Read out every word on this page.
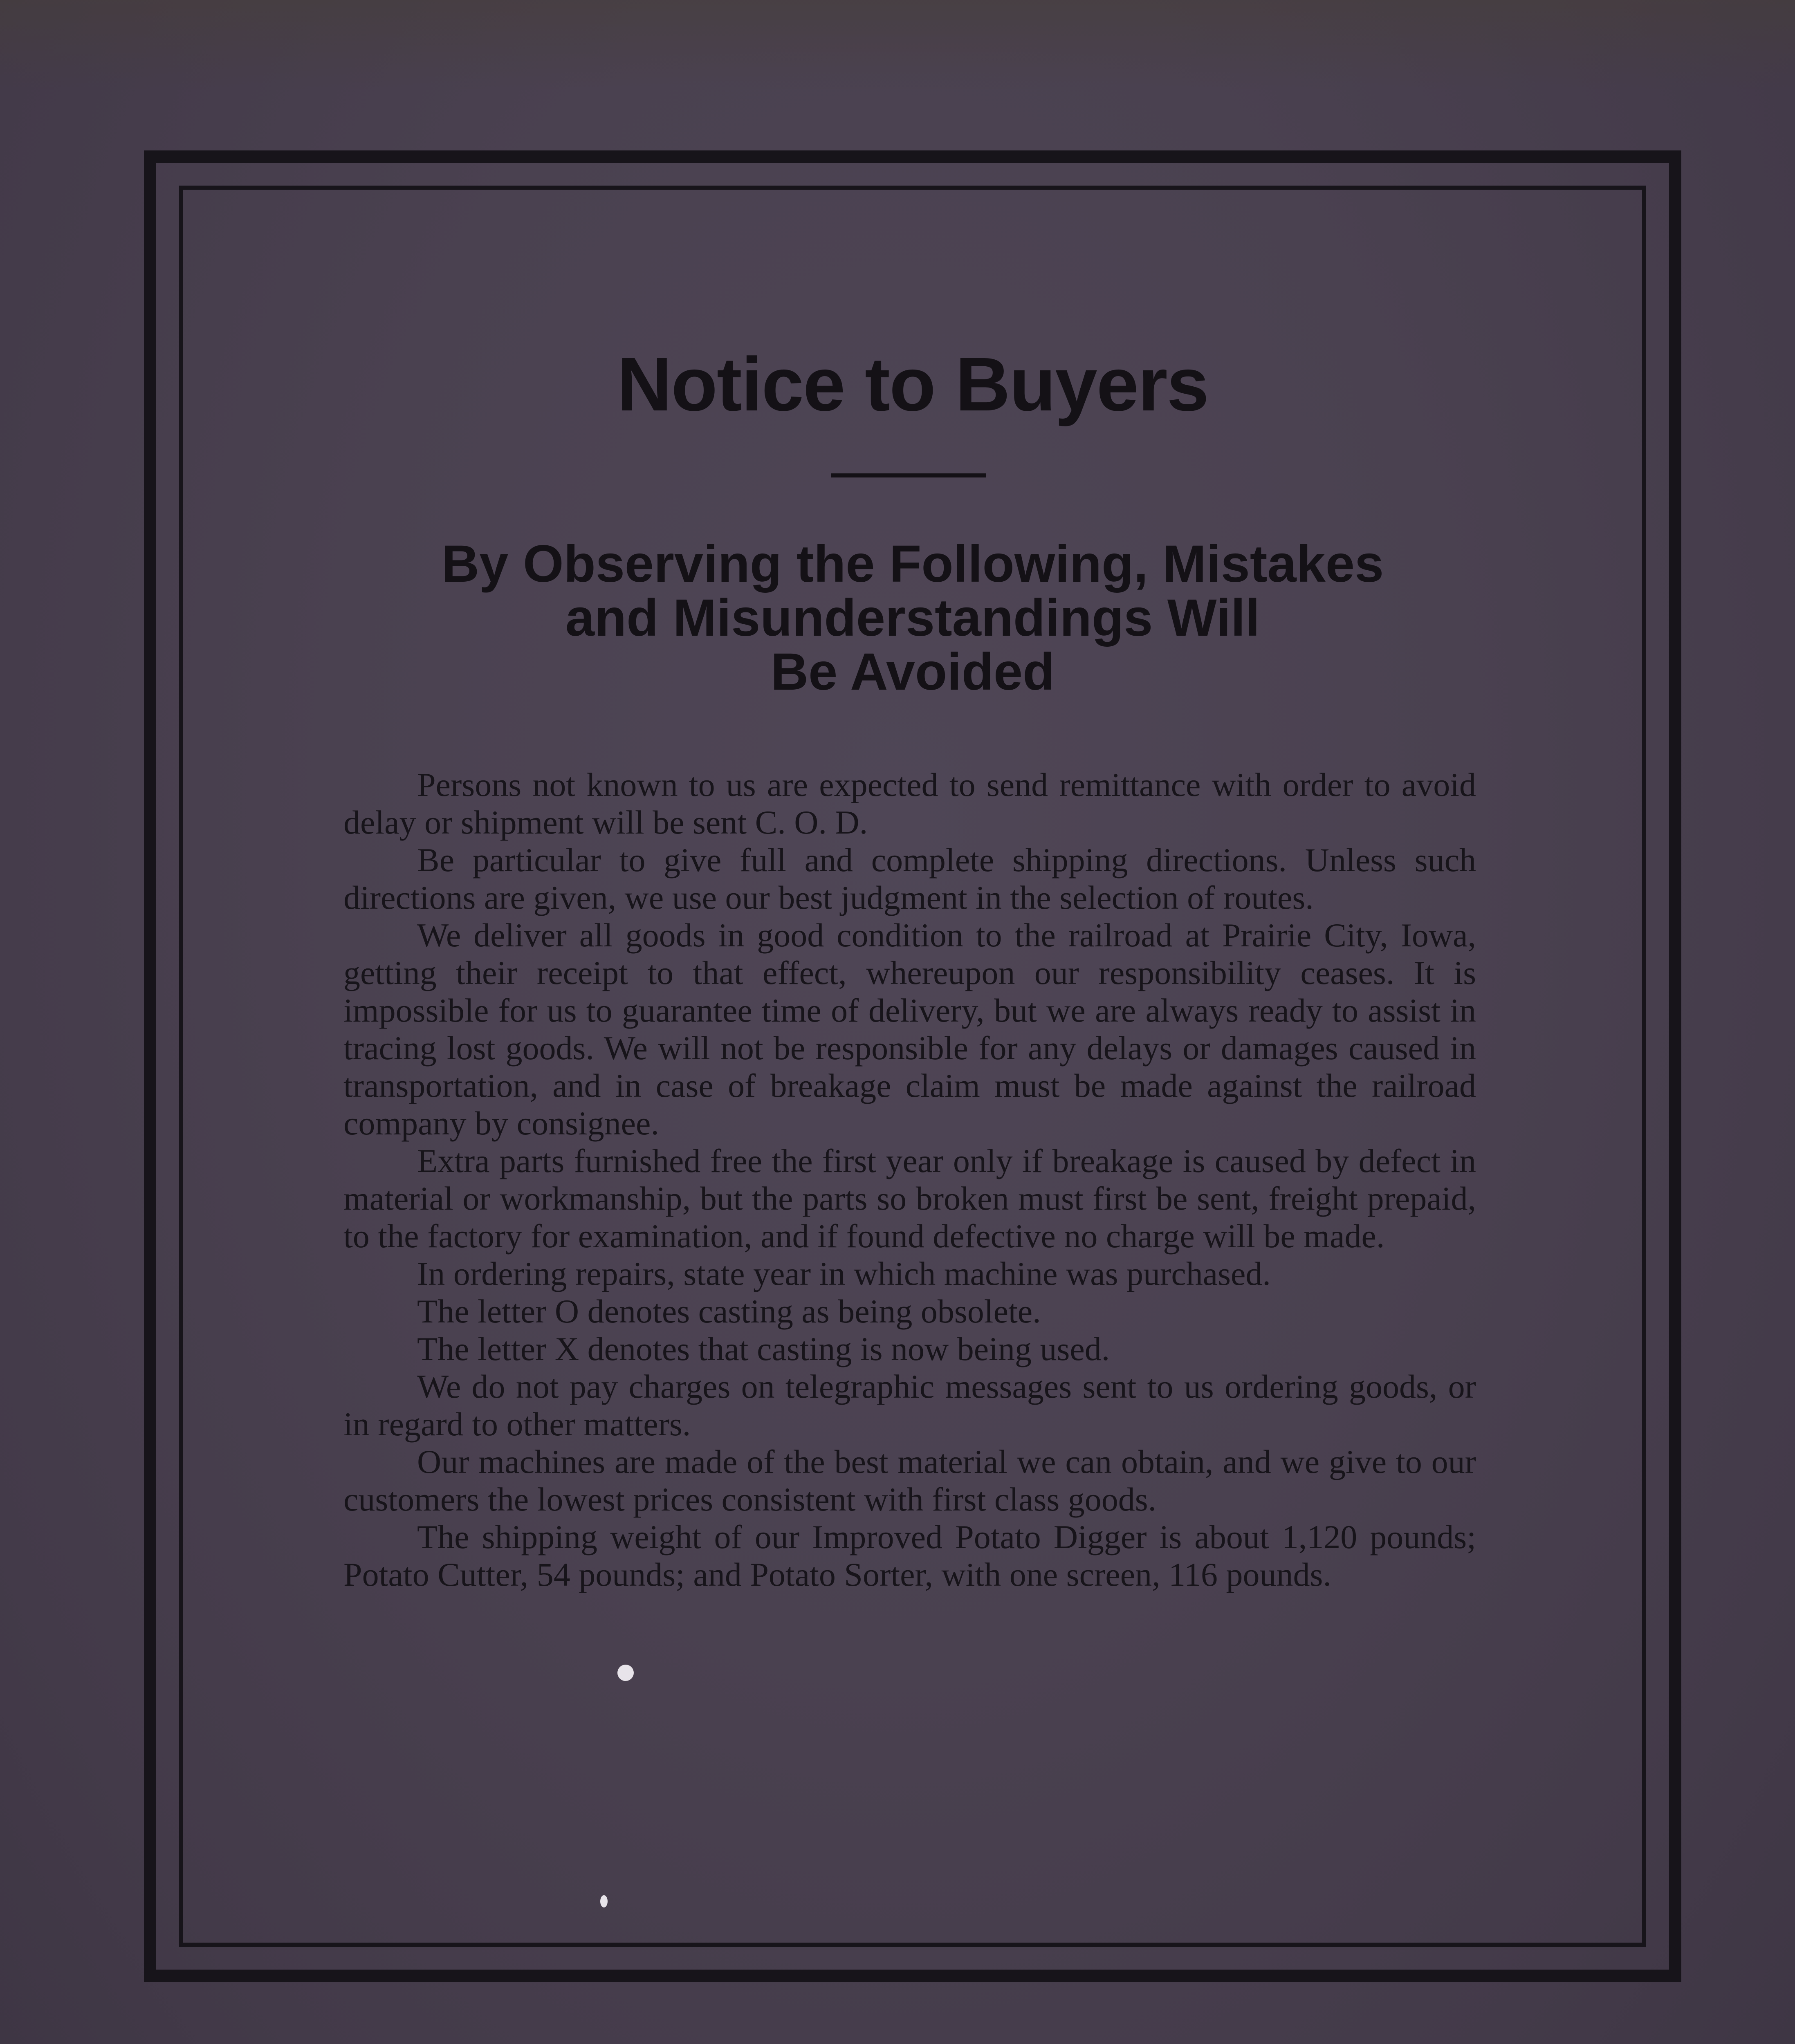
Notice to Buyers
By Observing the Following, Mistakes
and Misunderstandings Will
Be Avoided

Persons not known to us are expected to send remittance with order to avoid delay or shipment will be sent C. O. D.

Be particular to give full and complete shipping directions. Unless such directions are given, we use our best judgment in the selection of routes.

We deliver all goods in good condition to the railroad at Prairie City, Iowa, getting their receipt to that effect, whereupon our responsibility ceases. It is impossible for us to guarantee time of delivery, but we are always ready to assist in tracing lost goods. We will not be responsible for any delays or damages caused in transportation, and in case of breakage claim must be made against the railroad company by consignee.

Extra parts furnished free the first year only if breakage is caused by defect in material or workmanship, but the parts so broken must first be sent, freight prepaid, to the factory for examination, and if found defective no charge will be made.

In ordering repairs, state year in which machine was purchased.

The letter O denotes casting as being obsolete.

The letter X denotes that casting is now being used.

We do not pay charges on telegraphic messages sent to us ordering goods, or in regard to other matters.

Our machines are made of the best material we can obtain, and we give to our customers the lowest prices consistent with first class goods.

The shipping weight of our Improved Potato Digger is about 1,120 pounds; Potato Cutter, 54 pounds; and Potato Sorter, with one screen, 116 pounds.
